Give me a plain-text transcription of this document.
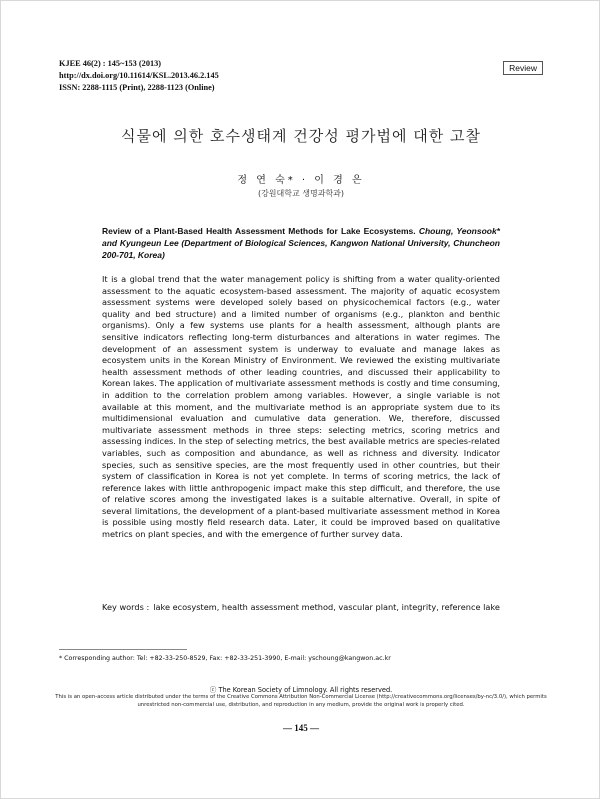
KJEE 46(2) : 145~153 (2013)
http://dx.doi.org/10.11614/KSL.2013.46.2.145
ISSN: 2288-1115 (Print), 2288-1123 (Online)
Review
식물에 의한 호수생태계 건강성 평가법에 대한 고찰
정 연 숙* · 이 경 은
(강원대학교 생명과학과)
Review of a Plant-Based Health Assessment Methods for Lake Ecosystems. Choung, Yeonsook* and Kyungeun Lee (Department of Biological Sciences, Kangwon National University, Chuncheon 200-701, Korea)
It is a global trend that the water management policy is shifting from a water quality-oriented assessment to the aquatic ecosystem-based assessment. The majority of aquatic ecosystem assessment systems were developed solely based on physicochemical factors (e.g., water quality and bed structure) and a limited number of organisms (e.g., plankton and benthic organisms). Only a few systems use plants for a health assessment, although plants are sensitive indicators reflecting long-term disturbances and alterations in water regimes. The development of an assessment system is underway to evaluate and manage lakes as ecosystem units in the Korean Ministry of Environment. We reviewed the existing multivariate health assessment methods of other leading countries, and discussed their applicability to Korean lakes. The application of multivariate assessment methods is costly and time consuming, in addition to the correlation problem among variables. However, a single variable is not available at this moment, and the multivariate method is an appropriate system due to its multidimensional evaluation and cumulative data generation. We, therefore, discussed multivariate assessment methods in three steps: selecting metrics, scoring metrics and assessing indices. In the step of selecting metrics, the best available metrics are species-related variables, such as composition and abundance, as well as richness and diversity. Indicator species, such as sensitive species, are the most frequently used in other countries, but their system of classification in Korea is not yet complete. In terms of scoring metrics, the lack of reference lakes with little anthropogenic impact make this step difficult, and therefore, the use of relative scores among the investigated lakes is a suitable alternative. Overall, in spite of several limitations, the development of a plant-based multivariate assessment method in Korea is possible using mostly field research data. Later, it could be improved based on qualitative metrics on plant species, and with the emergence of further survey data.
Key words : lake ecosystem, health assessment method, vascular plant, integrity, reference lake
* Corresponding author: Tel: +82-33-250-8529, Fax: +82-33-251-3990, E-mail: yschoung@kangwon.ac.kr
ⓒ The Korean Society of Limnology. All rights reserved.
This is an open-access article distributed under the terms of the Creative Commons Attribution Non-Commercial License (http://creativecommons.org/licenses/by-nc/3.0/), which permits unrestricted non-commercial use, distribution, and reproduction in any medium, provide the original work is properly cited.
— 145 —
